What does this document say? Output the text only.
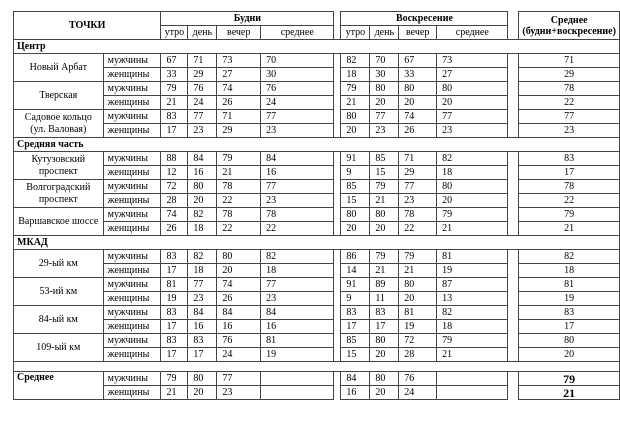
ТОЧКИ		Будни					Воскресение					Среднее (будни+воскресение)
		утро	день	вечер	среднее		утро	день	вечер	среднее		
Центр												
Новый Арбат	мужчины	67	71	73	70		82	70	67	73		71
	женщины	33	29	27	30		18	30	33	27		29
Тверская	мужчины	79	76	74	76		79	80	80	80		78
	женщины	21	24	26	24		21	20	20	20		22
Садовое кольцо (ул. Валовая)	мужчины	83	77	71	77		80	77	74	77		77
	женщины	17	23	29	23		20	23	26	23		23
Средняя часть												
Кутузовский проспект	мужчины	88	84	79	84		91	85	71	82		83
	женщины	12	16	21	16		9	15	29	18		17
Волгоградский проспект	мужчины	72	80	78	77		85	79	77	80		78
	женщины	28	20	22	23		15	21	23	20		22
Варшавское шоссе	мужчины	74	82	78	78		80	80	78	79		79
	женщины	26	18	22	22		20	20	22	21		21
МКАД												
29-ый км	мужчины	83	82	80	82		86	79	79	81		82
	женщины	17	18	20	18		14	21	21	19		18
53-ий км	мужчины	81	77	74	77		91	89	80	87		81
	женщины	19	23	26	23		9	11	20	13		19
84-ый км	мужчины	83	84	84	84		83	83	81	82		83
	женщины	17	16	16	16		17	17	19	18		17
109-ый км	мужчины	83	83	76	81		85	80	72	79		80
	женщины	17	17	24	19		15	20	28	21		20

Среднее	мужчины	79	80	77			84	80	76			79
	женщины	21	20	23			16	20	24			21
